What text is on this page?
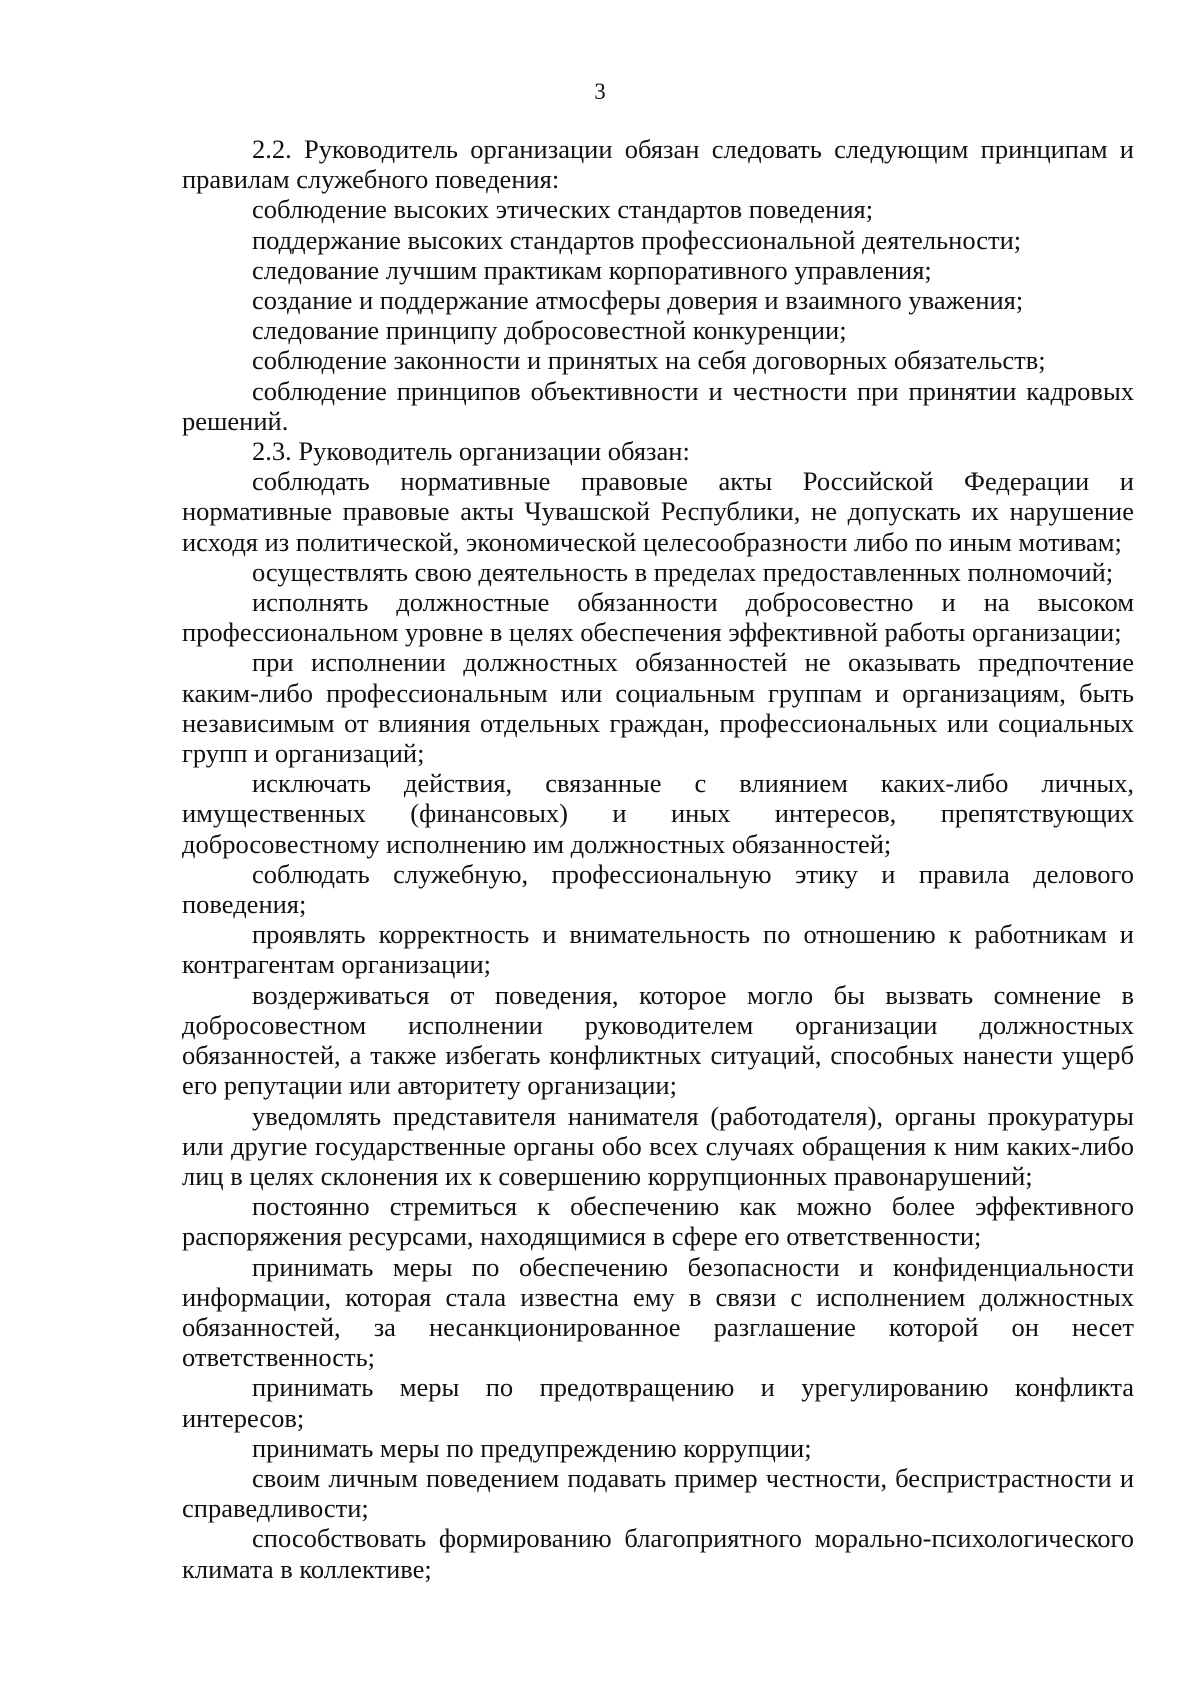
3

2.2. Руководитель организации обязан следовать следующим принципам и правилам служебного поведения:

соблюдение высоких этических стандартов поведения;

поддержание высоких стандартов профессиональной деятельности;

следование лучшим практикам корпоративного управления;

создание и поддержание атмосферы доверия и взаимного уважения;

следование принципу добросовестной конкуренции;

соблюдение законности и принятых на себя договорных обязательств;

соблюдение принципов объективности и честности при принятии кадровых решений.

2.3. Руководитель организации обязан:

соблюдать нормативные правовые акты Российской Федерации и нормативные правовые акты Чувашской Республики, не допускать их нарушение исходя из политической, экономической целесообразности либо по иным мотивам;

осуществлять свою деятельность в пределах предоставленных полномочий;

исполнять должностные обязанности добросовестно и на высоком профессиональном уровне в целях обеспечения эффективной работы организации;

при исполнении должностных обязанностей не оказывать предпочтение каким-либо профессиональным или социальным группам и организациям, быть независимым от влияния отдельных граждан, профессиональных или социальных групп и организаций;

исключать действия, связанные с влиянием каких-либо личных, имущественных (финансовых) и иных интересов, препятствующих добросовестному исполнению им должностных обязанностей;

соблюдать служебную, профессиональную этику и правила делового поведения;

проявлять корректность и внимательность по отношению к работникам и контрагентам организации;

воздерживаться от поведения, которое могло бы вызвать сомнение в добросовестном исполнении руководителем организации должностных обязанностей, а также избегать конфликтных ситуаций, способных нанести ущерб его репутации или авторитету организации;

уведомлять представителя нанимателя (работодателя), органы прокуратуры или другие государственные органы обо всех случаях обращения к ним каких-либо лиц в целях склонения их к совершению коррупционных правонарушений;

постоянно стремиться к обеспечению как можно более эффективного распоряжения ресурсами, находящимися в сфере его ответственности;

принимать меры по обеспечению безопасности и конфиденциальности информации, которая стала известна ему в связи с исполнением должностных обязанностей, за несанкционированное разглашение которой он несет ответственность;

принимать меры по предотвращению и урегулированию конфликта интересов;

принимать меры по предупреждению коррупции;

своим личным поведением подавать пример честности, беспристрастности и справедливости;

способствовать формированию благоприятного морально-психологического климата в коллективе;
